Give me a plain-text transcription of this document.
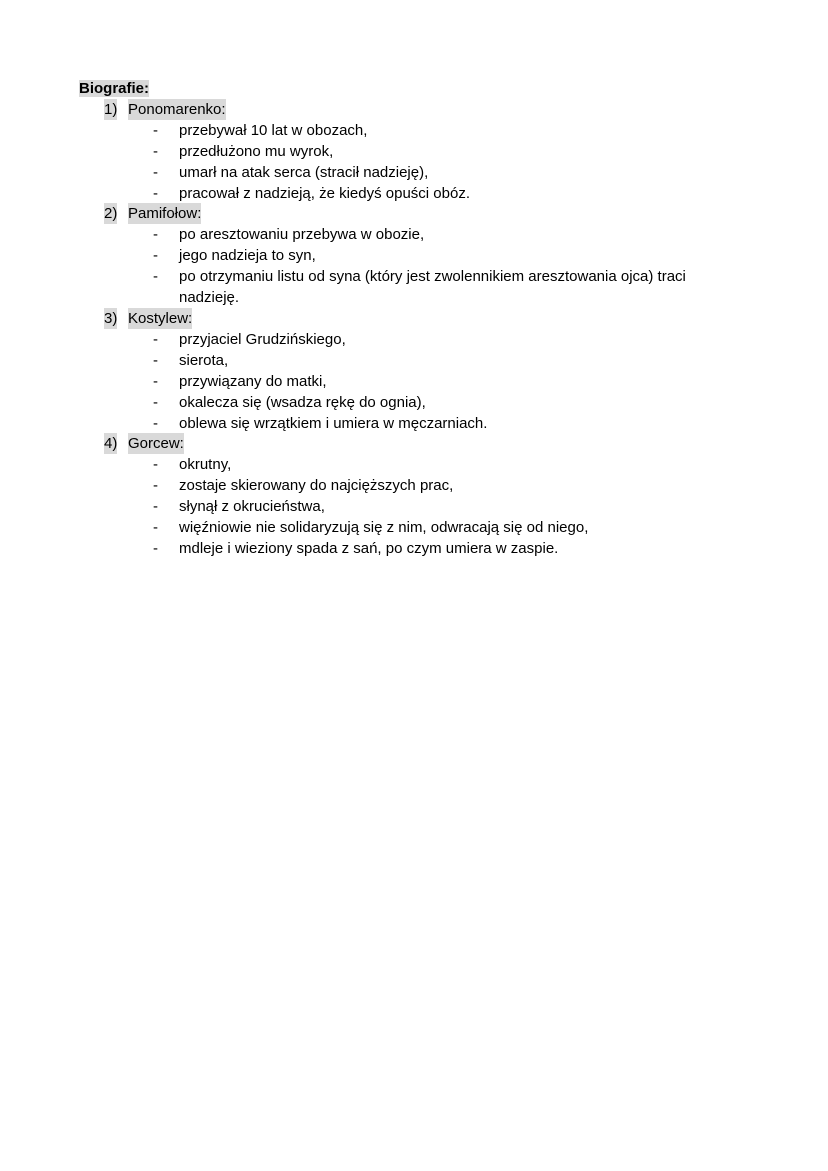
Biografie:
1) Ponomarenko:
- przebywał 10 lat w obozach,
- przedłużono mu wyrok,
- umarł na atak serca (stracił nadzieję),
- pracował z nadzieją, że kiedyś opuści obóz.
2) Pamifołow:
- po aresztowaniu przebywa w obozie,
- jego nadzieja to syn,
- po otrzymaniu listu od syna (który jest zwolennikiem aresztowania ojca) traci nadzieję.
3) Kostylew:
- przyjaciel Grudzińskiego,
- sierota,
- przywiązany do matki,
- okalecza się (wsadza rękę do ognia),
- oblewa się wrzątkiem i umiera w męczarniach.
4) Gorcew:
- okrutny,
- zostaje skierowany do najcięższych prac,
- słynął z okrucieństwa,
- więźniowie nie solidaryzują się z nim, odwracają się od niego,
- mdleje i wieziony spada z sań, po czym umiera w zaspie.
